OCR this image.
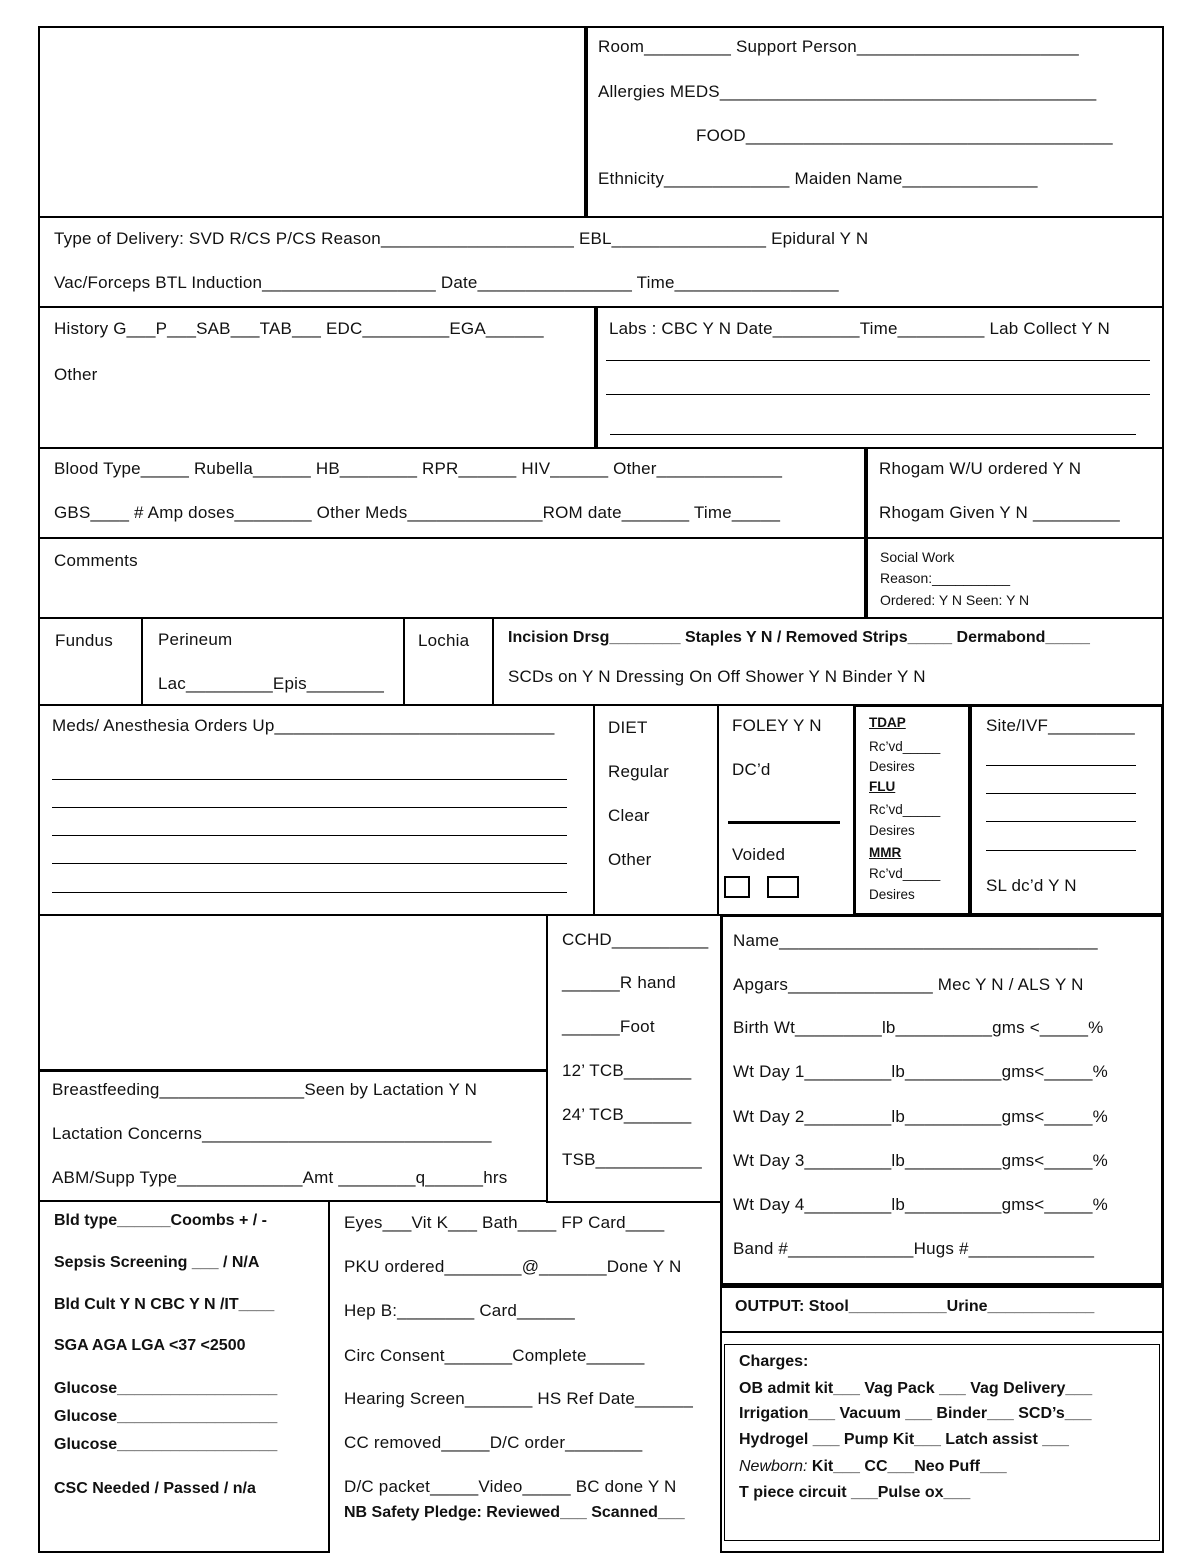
Room_________ Support Person_______________________
Allergies MEDS_______________________________________
FOOD______________________________________
Ethnicity_____________ Maiden Name______________
Type of Delivery: SVD R/CS P/CS Reason____________________ EBL________________ Epidural Y N
Vac/Forceps BTL Induction__________________ Date________________ Time_________________
History G___P___SAB___TAB___ EDC_________EGA______
Other
Labs : CBC Y N Date_________Time_________ Lab Collect Y N
Blood Type_____ Rubella______ HB________ RPR______ HIV______ Other_____________
GBS____ # Amp doses________ Other Meds______________ROM date_______ Time_____
Rhogam W/U ordered Y N
Rhogam Given Y N _________
Comments	Social Work
Reason:__________
Ordered: Y N Seen: Y N
Fundus	Perineum
Lac_________Epis________
Lochia Incision Drsg________ Staples Y N / Removed Strips_____ Dermabond_____
SCDs on Y N Dressing On Off Shower Y N Binder Y N
Meds/ Anesthesia Orders Up_____________________________	DIET
Regular
Clear
Other
FOLEY Y N
DC’d
Voided
TDAP
Rc’vd_____
Desires
FLU
Rc’vd_____
Desires
MMR
Rc’vd_____
Desires
Site/IVF_________
SL dc’d Y N
Breastfeeding_______________Seen by Lactation Y N
Lactation Concerns______________________________
ABM/Supp Type_____________Amt ________q______hrs
CCHD__________
______R hand
______Foot
12’ TCB_______
24’ TCB_______
TSB___________
Name_________________________________
Apgars_______________ Mec Y N / ALS Y N
Birth Wt_________lb__________gms <_____%
Wt Day 1_________lb__________gms<_____%
Wt Day 2_________lb__________gms<_____%
Wt Day 3_________lb__________gms<_____%
Wt Day 4_________lb__________gms<_____%
Band #_____________Hugs #_____________
Bld type______Coombs + / -
Sepsis Screening ___ / N/A
Bld Cult Y N CBC Y N /IT____
SGA AGA LGA <37 <2500
Glucose__________________
Glucose__________________
Glucose__________________
CSC Needed / Passed / n/a
Eyes___Vit K___ Bath____ FP Card____
PKU ordered________@_______Done Y N
Hep B:________ Card______
Circ Consent_______Complete______
Hearing Screen_______ HS Ref Date______
CC removed_____D/C order________
D/C packet_____Video_____ BC done Y N
NB Safety Pledge: Reviewed___ Scanned___
OUTPUT: Stool___________Urine____________
Charges:
OB admit kit___ Vag Pack ___ Vag Delivery___
Irrigation___ Vacuum ___ Binder___ SCD’s___
Hydrogel ___ Pump Kit___ Latch assist ___
Newborn: Kit___ CC___Neo Puff___
T piece circuit ___Pulse ox___
